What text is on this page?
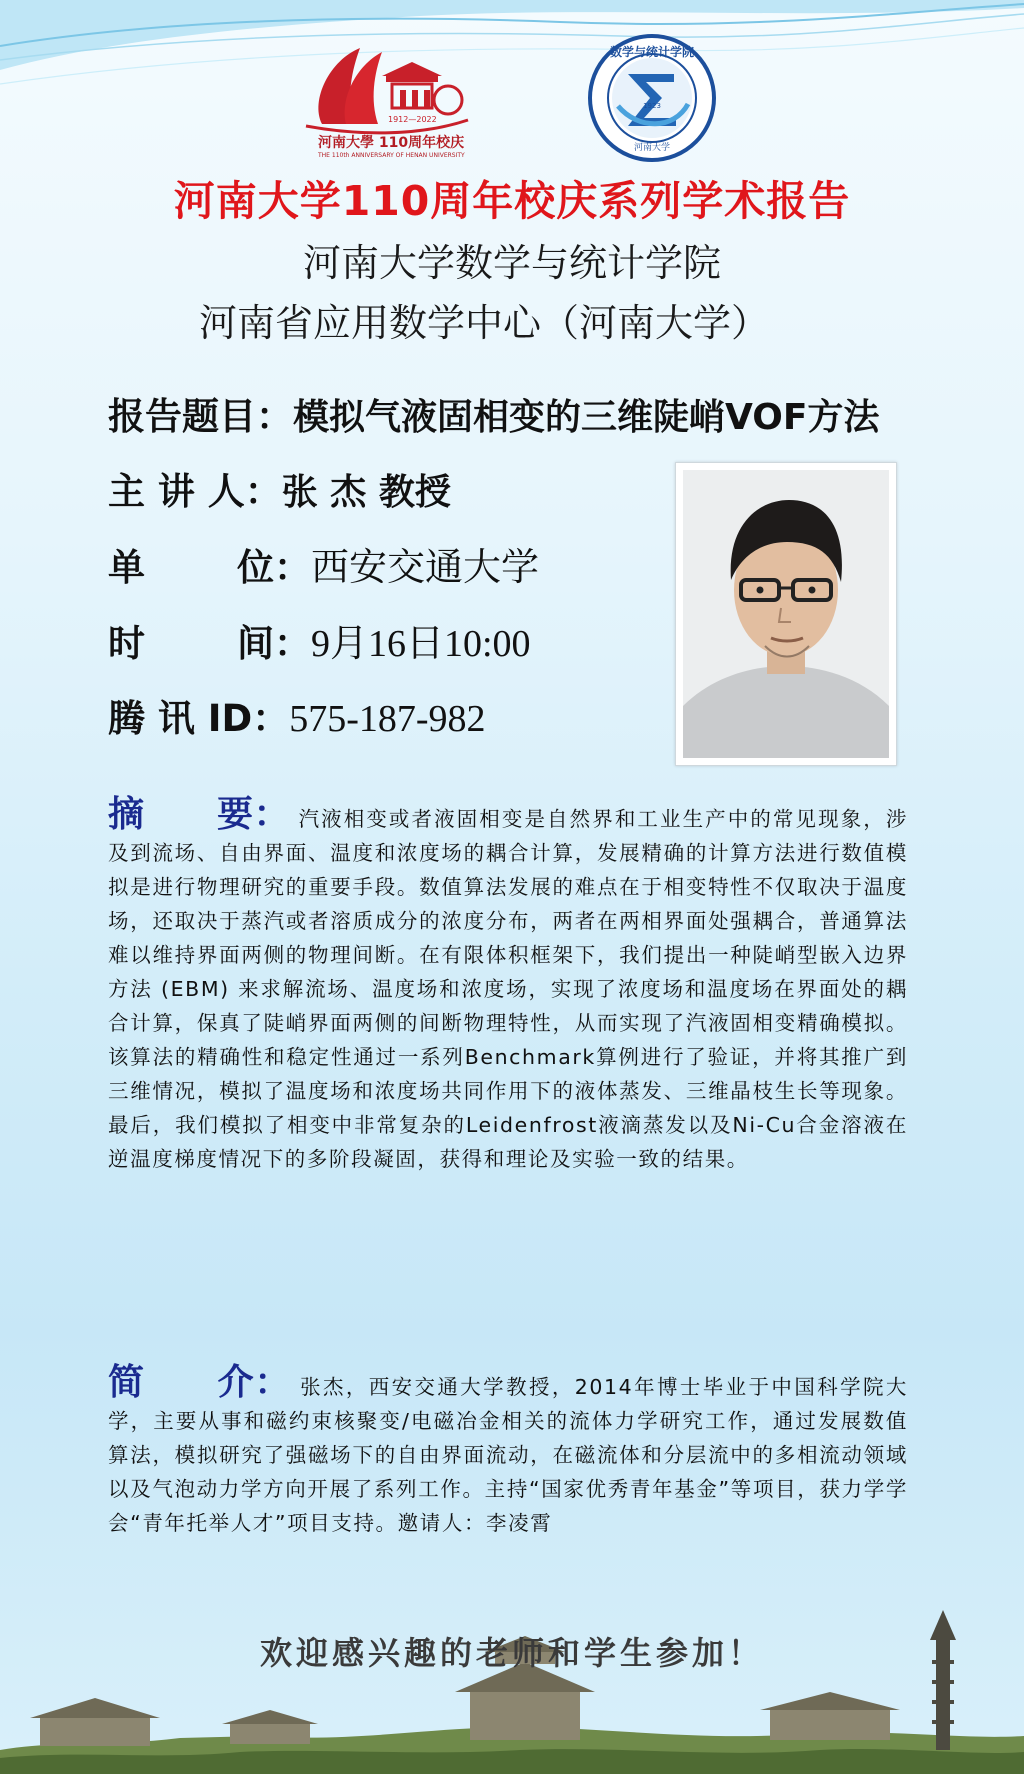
1912—2022
河南大學 110周年校庆
THE 110th ANNIVERSARY OF HENAN UNIVERSITY
数学与统计学院
河南大学
1923
河南大学110周年校庆系列学术报告
河南大学数学与统计学院
河南省应用数学中心（河南大学）
报告题目：模拟气液固相变的三维陡峭VOF方法
主 讲 人：张 杰 教授
单 位：西安交通大学
时 间：9月16日10:00
腾 讯 ID：575-187-982
摘 要： 汽液相变或者液固相变是自然界和工业生产中的常见现象，涉及到流场、自由界面、温度和浓度场的耦合计算，发展精确的计算方法进行数值模拟是进行物理研究的重要手段。数值算法发展的难点在于相变特性不仅取决于温度场，还取决于蒸汽或者溶质成分的浓度分布，两者在两相界面处强耦合，普通算法难以维持界面两侧的物理间断。在有限体积框架下，我们提出一种陡峭型嵌入边界方法 (EBM) 来求解流场、温度场和浓度场，实现了浓度场和温度场在界面处的耦合计算，保真了陡峭界面两侧的间断物理特性，从而实现了汽液固相变精确模拟。该算法的精确性和稳定性通过一系列Benchmark算例进行了验证，并将其推广到三维情况，模拟了温度场和浓度场共同作用下的液体蒸发、三维晶枝生长等现象。最后，我们模拟了相变中非常复杂的Leidenfrost液滴蒸发以及Ni-Cu合金溶液在逆温度梯度情况下的多阶段凝固，获得和理论及实验一致的结果。
简 介： 张杰，西安交通大学教授，2014年博士毕业于中国科学院大学，主要从事和磁约束核聚变/电磁冶金相关的流体力学研究工作，通过发展数值算法，模拟研究了强磁场下的自由界面流动，在磁流体和分层流中的多相流动领域以及气泡动力学方向开展了系列工作。主持“国家优秀青年基金”等项目，获力学学会“青年托举人才”项目支持。邀请人：李凌霄
欢迎感兴趣的老师和学生参加！
